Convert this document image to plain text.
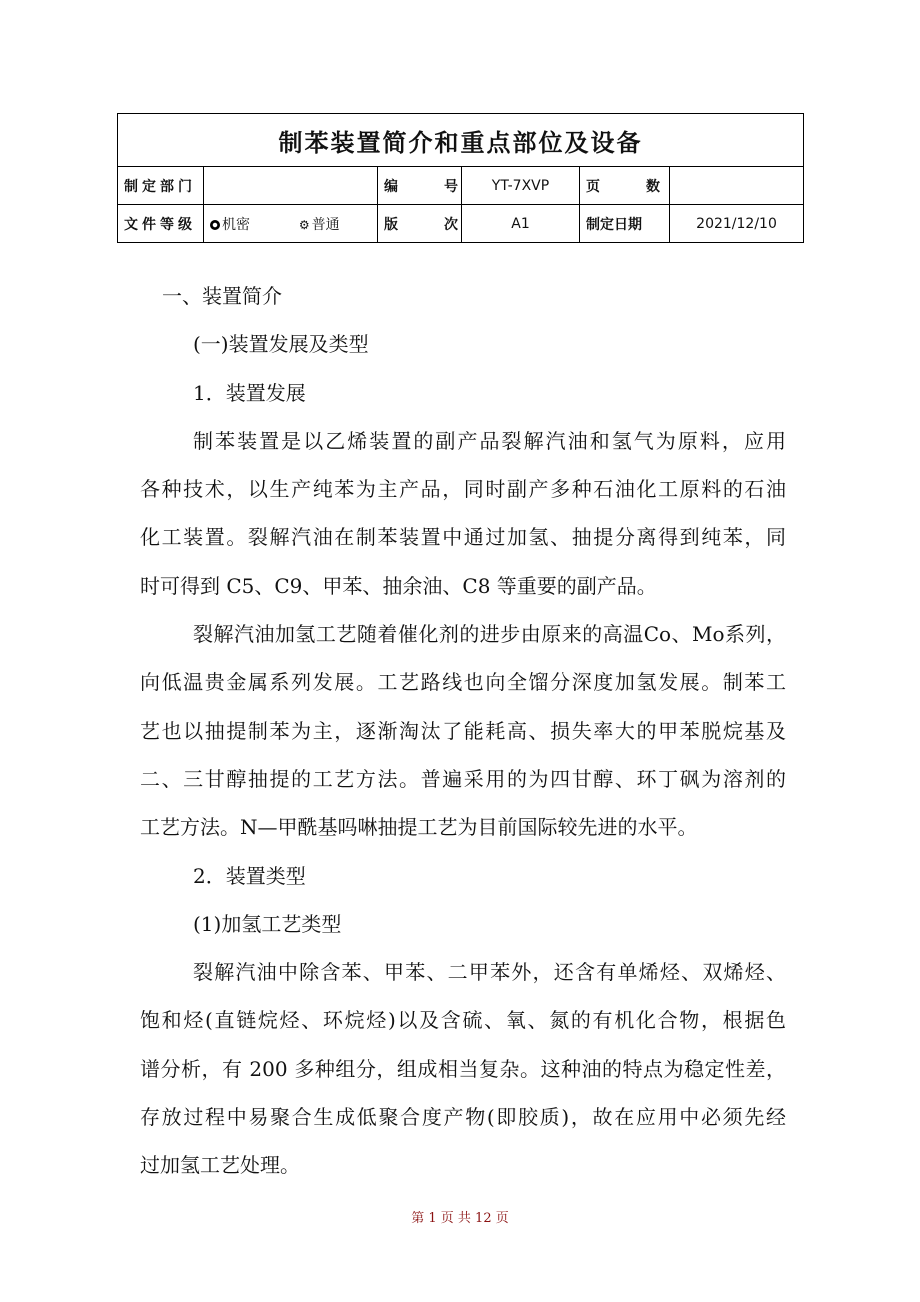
制苯装置简介和重点部位及设备					
制定部门		编 号	YT-7XVP	页 数	
文件等级	机密 ⚙ 普通	版 次	A1	制定日期	2021/12/10
一、装置简介
(一)装置发展及类型
1．装置发展
制苯装置是以乙烯装置的副产品裂解汽油和氢气为原料，应用
各种技术，以生产纯苯为主产品，同时副产多种石油化工原料的石油
化工装置。裂解汽油在制苯装置中通过加氢、抽提分离得到纯苯，同
时可得到 C5、C9、甲苯、抽余油、C8 等重要的副产品。
裂解汽油加氢工艺随着催化剂的进步由原来的高温Co、Mo系列，
向低温贵金属系列发展。工艺路线也向全馏分深度加氢发展。制苯工
艺也以抽提制苯为主，逐渐淘汰了能耗高、损失率大的甲苯脱烷基及
二、三甘醇抽提的工艺方法。普遍采用的为四甘醇、环丁砜为溶剂的
工艺方法。N—甲酰基吗啉抽提工艺为目前国际较先进的水平。
2．装置类型
(1)加氢工艺类型
裂解汽油中除含苯、甲苯、二甲苯外，还含有单烯烃、双烯烃、
饱和烃(直链烷烃、环烷烃)以及含硫、氧、氮的有机化合物，根据色
谱分析，有 200 多种组分，组成相当复杂。这种油的特点为稳定性差，
存放过程中易聚合生成低聚合度产物(即胶质)，故在应用中必须先经
过加氢工艺处理。
第 1 页 共 12 页
